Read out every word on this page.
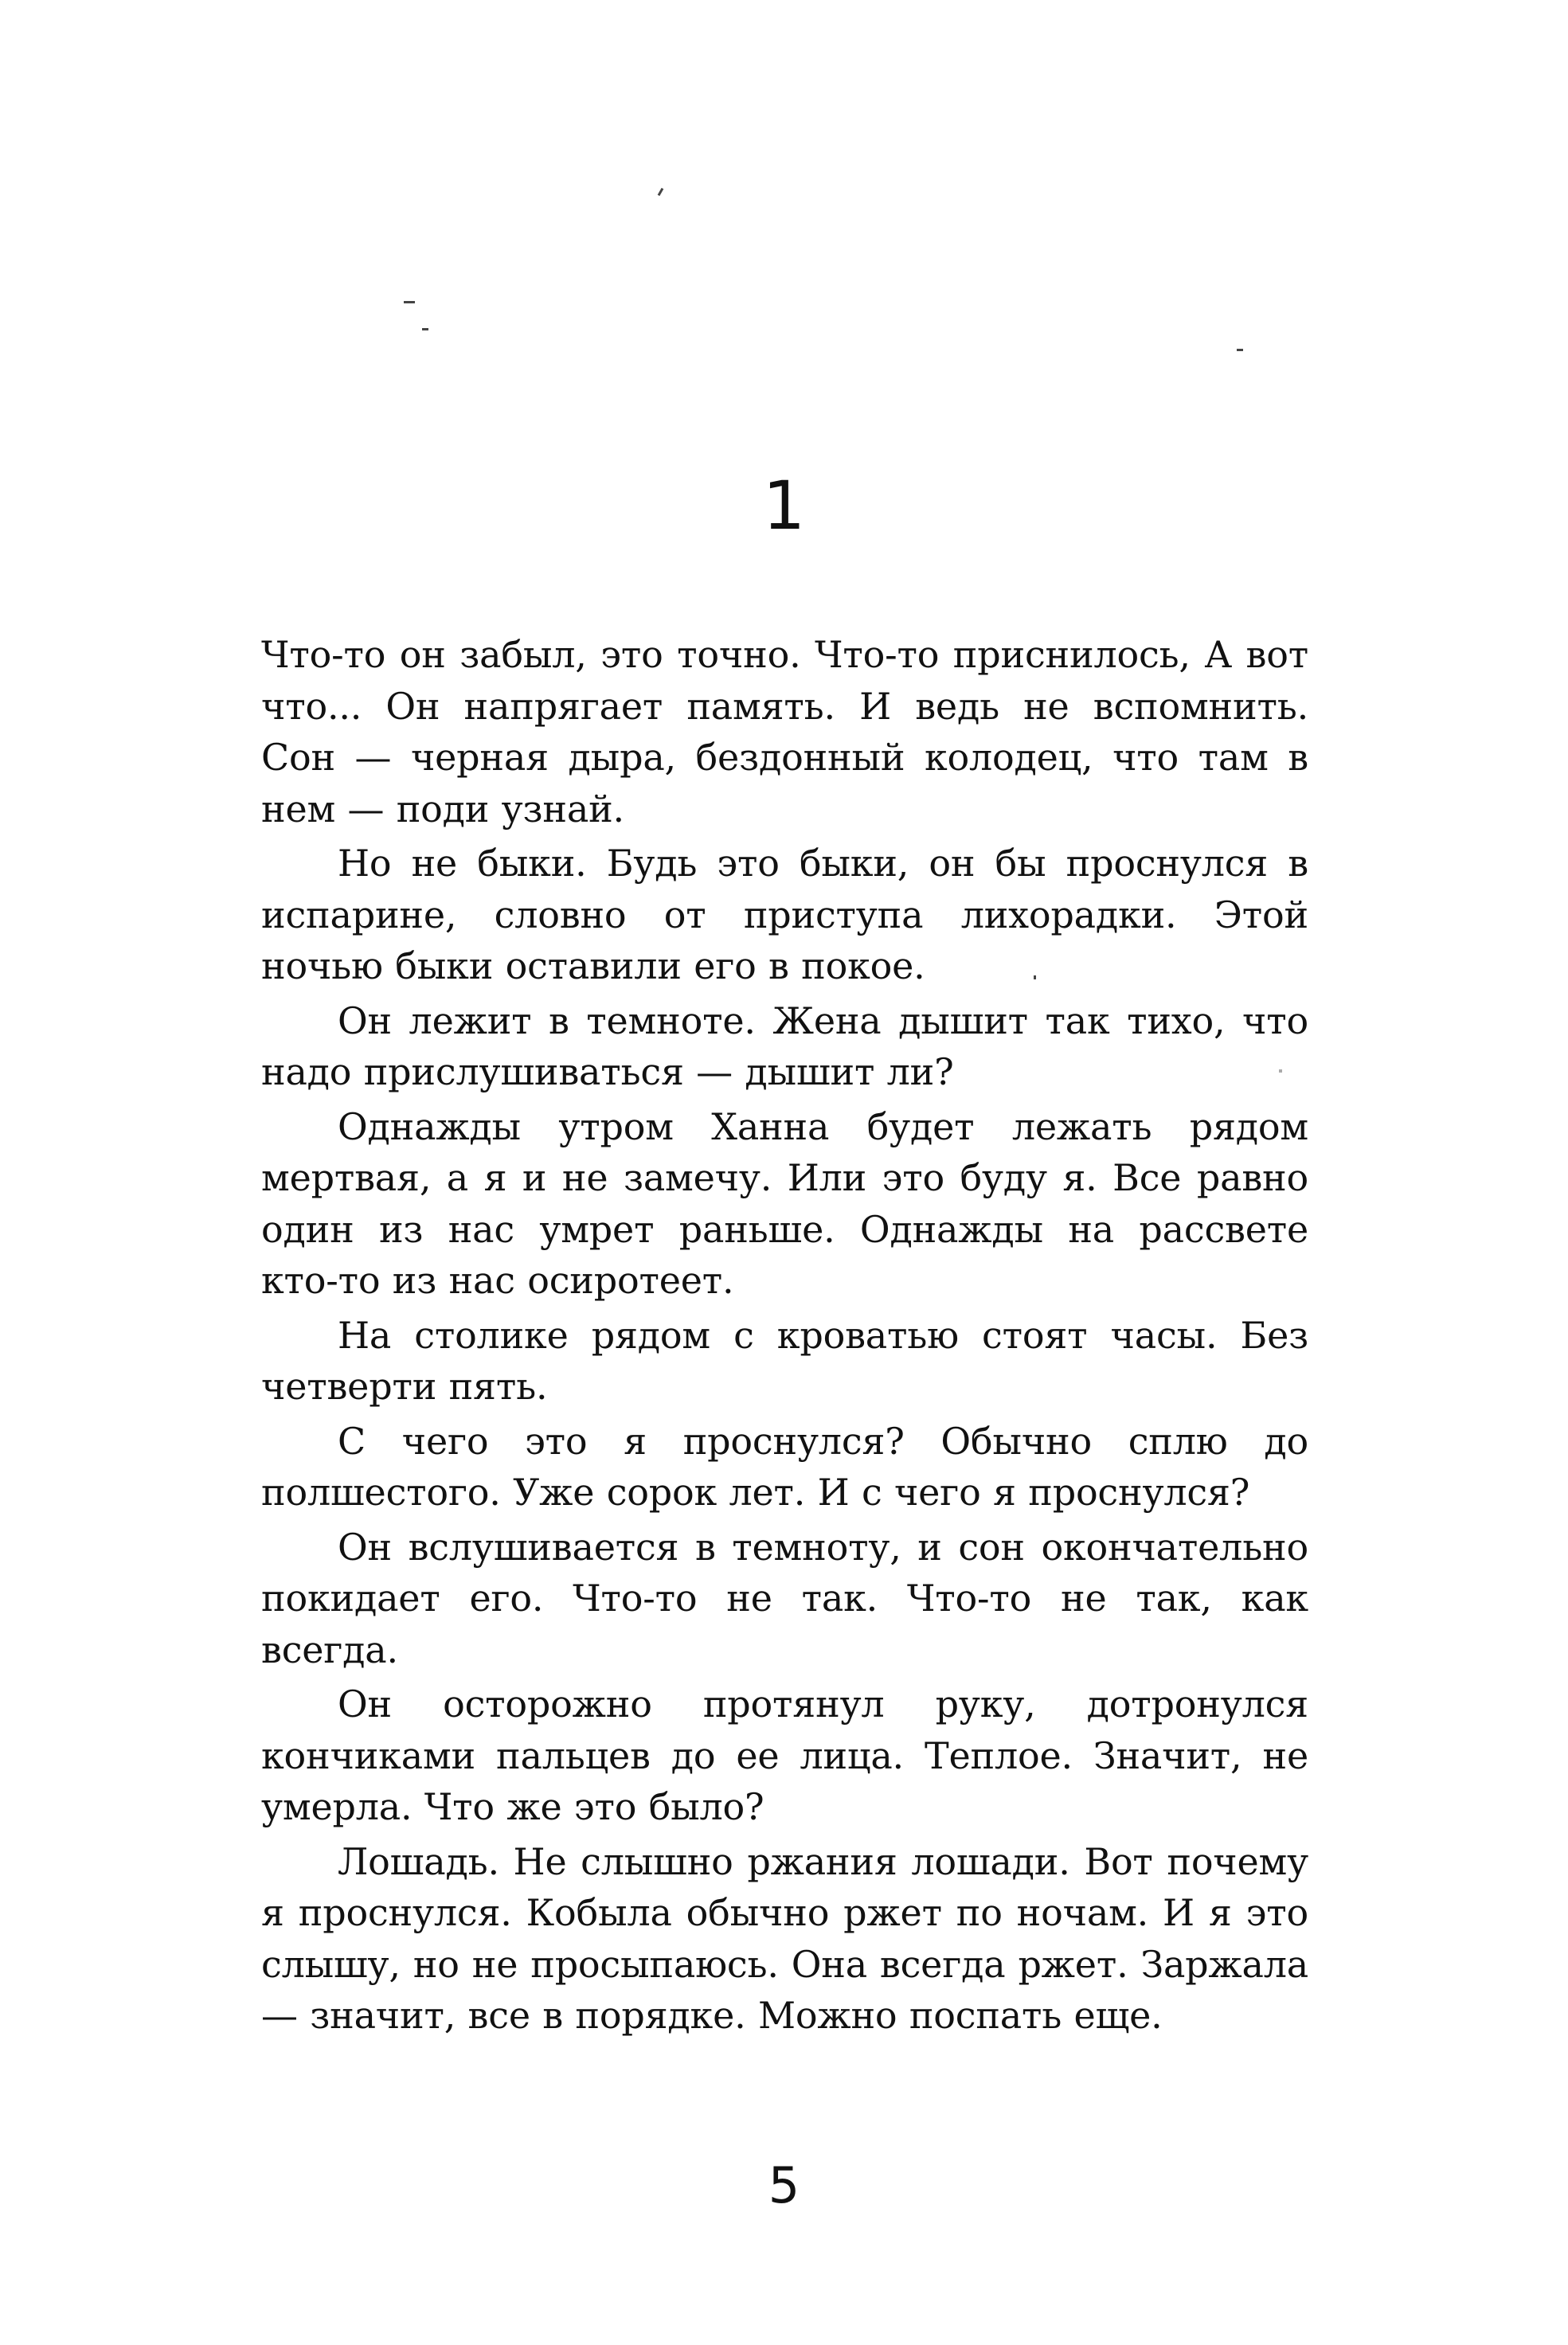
1

Что-то он забыл, это точно. Что-то приснилось, А вот что... Он напрягает память. И ведь не вспомнить. Сон — черная дыра, бездонный колодец, что там в нем — поди узнай.

Но не быки. Будь это быки, он бы проснулся в испарине, словно от приступа лихорадки. Этой ночью быки оставили его в покое.

Он лежит в темноте. Жена дышит так тихо, что надо прислушиваться — дышит ли?

Однажды утром Ханна будет лежать рядом мертвая, а я и не замечу. Или это буду я. Все равно один из нас умрет раньше. Однажды на рассвете кто-то из нас осиротеет.

На столике рядом с кроватью стоят часы. Без четверти пять.

С чего это я проснулся? Обычно сплю до полшестого. Уже сорок лет. И с чего я проснулся?

Он вслушивается в темноту, и сон окончательно покидает его. Что-то не так. Что-то не так, как всегда.

Он осторожно протянул руку, дотронулся кончиками пальцев до ее лица. Теплое. Значит, не умерла. Что же это было?

Лошадь. Не слышно ржания лошади. Вот почему я проснулся. Кобыла обычно ржет по ночам. И я это слышу, но не просыпаюсь. Она всегда ржет. Заржала — значит, все в порядке. Можно поспать еще.

5
